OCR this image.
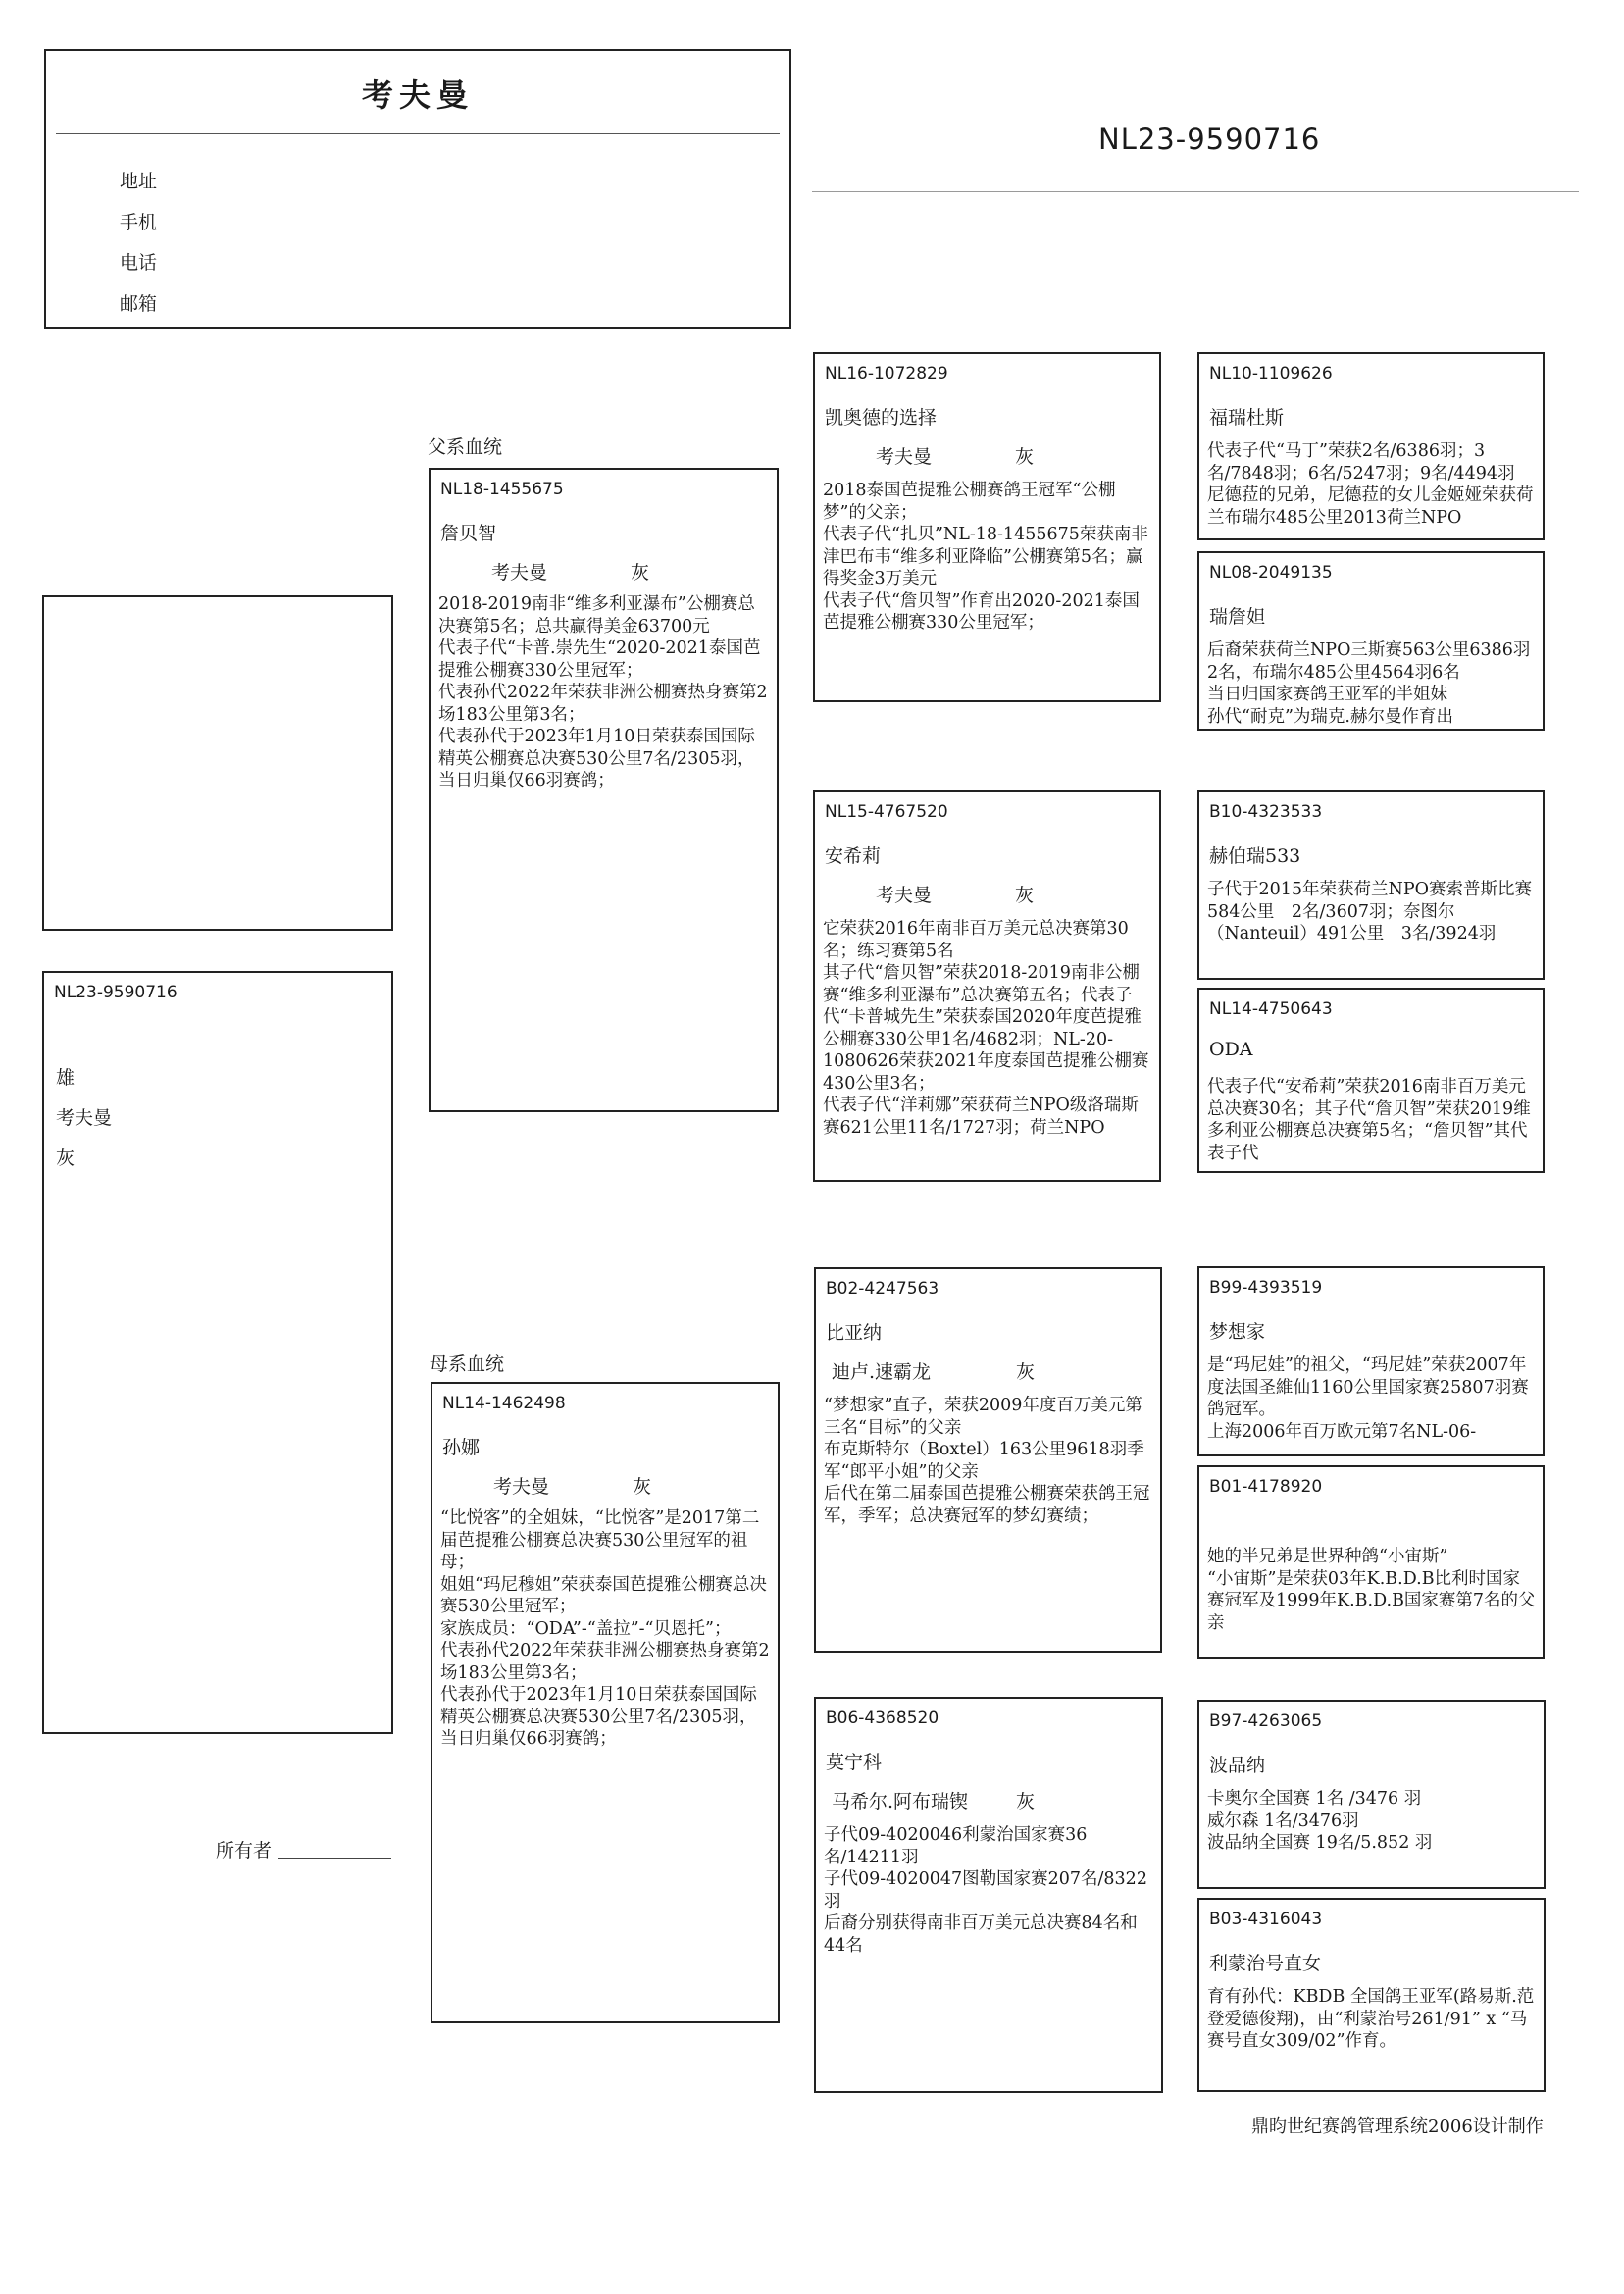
考夫曼
地址
手机
电话
邮箱
NL23-9590716
父系血统
母系血统
NL23-9590716
雄
考夫曼
灰
NL18-1455675
詹贝智
考夫曼	灰
2018-2019南非“维多利亚瀑布”公棚赛总决赛第5名；总共赢得美金63700元
代表子代“卡普.崇先生“2020-2021泰国芭提雅公棚赛330公里冠军；
代表孙代2022年荣获非洲公棚赛热身赛第2场183公里第3名；
代表孙代于2023年1月10日荣获泰国国际精英公棚赛总决赛530公里7名/2305羽，当日归巢仅66羽赛鸽；
NL14-1462498
孙娜
考夫曼	灰
“比悦客”的全姐妹，“比悦客”是2017第二届芭提雅公棚赛总决赛530公里冠军的祖母；
姐姐“玛尼穆姐”荣获泰国芭提雅公棚赛总决赛530公里冠军；
家族成员：“ODA”-“盖拉”-“贝恩托”；
代表孙代2022年荣获非洲公棚赛热身赛第2场183公里第3名；
代表孙代于2023年1月10日荣获泰国国际精英公棚赛总决赛530公里7名/2305羽，当日归巢仅66羽赛鸽；
NL16-1072829
凯奥德的选择
考夫曼	灰
2018泰国芭提雅公棚赛鸽王冠军“公棚梦”的父亲；
代表子代“扎贝”NL-18-1455675荣获南非津巴布韦“维多利亚降临”公棚赛第5名；赢得奖金3万美元
代表子代“詹贝智”作育出2020-2021泰国芭提雅公棚赛330公里冠军；
NL15-4767520
安希莉
考夫曼	灰
它荣获2016年南非百万美元总决赛第30名；练习赛第5名
其子代“詹贝智”荣获2018-2019南非公棚赛“维多利亚瀑布”总决赛第五名；代表子代“卡普城先生”荣获泰国2020年度芭提雅公棚赛330公里1名/4682羽；NL-20-1080626荣获2021年度泰国芭提雅公棚赛430公里3名；
代表子代“洋莉娜”荣获荷兰NPO级洛瑞斯赛621公里11名/1727羽；荷兰NPO
B02-4247563
比亚纳
迪卢.速霸龙	灰
“梦想家”直子，荣获2009年度百万美元第三名“目标”的父亲
布克斯特尔（Boxtel）163公里9618羽季军“郎平小姐”的父亲
后代在第二届泰国芭提雅公棚赛荣获鸽王冠军，季军；总决赛冠军的梦幻赛绩；
B06-4368520
莫宁科
马希尔.阿布瑞锲	灰
子代09-4020046利蒙治国家赛36名/14211羽
子代09-4020047图勒国家赛207名/8322羽
后裔分别获得南非百万美元总决赛84名和44名
NL10-1109626
福瑞杜斯
代表子代“马丁”荣获2名/6386羽；3名/7848羽；6名/5247羽；9名/4494羽
尼德菈的兄弟，尼德菈的女儿金姬娅荣获荷兰布瑞尔485公里2013荷兰NPO
NL08-2049135
瑞詹妲
后裔荣获荷兰NPO三斯赛563公里6386羽2名，布瑞尔485公里4564羽6名
当日归国家赛鸽王亚军的半姐妹
孙代“耐克”为瑞克.赫尔曼作育出
B10-4323533
赫伯瑞533
子代于2015年荣获荷兰NPO赛索普斯比赛584公里　2名/3607羽；奈图尔（Nanteuil）491公里　3名/3924羽
NL14-4750643
ODA
代表子代“安希莉”荣获2016南非百万美元总决赛30名；其子代“詹贝智”荣获2019维多利亚公棚赛总决赛第5名；“詹贝智”其代表子代
B99-4393519
梦想家
是“玛尼娃”的祖父，“玛尼娃”荣获2007年度法国圣維仙1160公里国家赛25807羽赛鸽冠军。
上海2006年百万欧元第7名NL-06-
B01-4178920
她的半兄弟是世界种鸽“小宙斯”
“小宙斯”是荣获03年K.B.D.B比利时国家赛冠军及1999年K.B.D.B国家赛第7名的父亲
B97-4263065
波品纳
卡奥尔全国赛 1名 /3476 羽
威尔森 1名/3476羽
波品纳全国赛 19名/5.852 羽
B03-4316043
利蒙治号直女
育有孙代：KBDB 全国鸽王亚军(路易斯.范登爱德俊翔)，由“利蒙治号261/91” x “马赛号直女309/02”作育。
所有者
鼎昀世纪赛鸽管理系统2006设计制作
